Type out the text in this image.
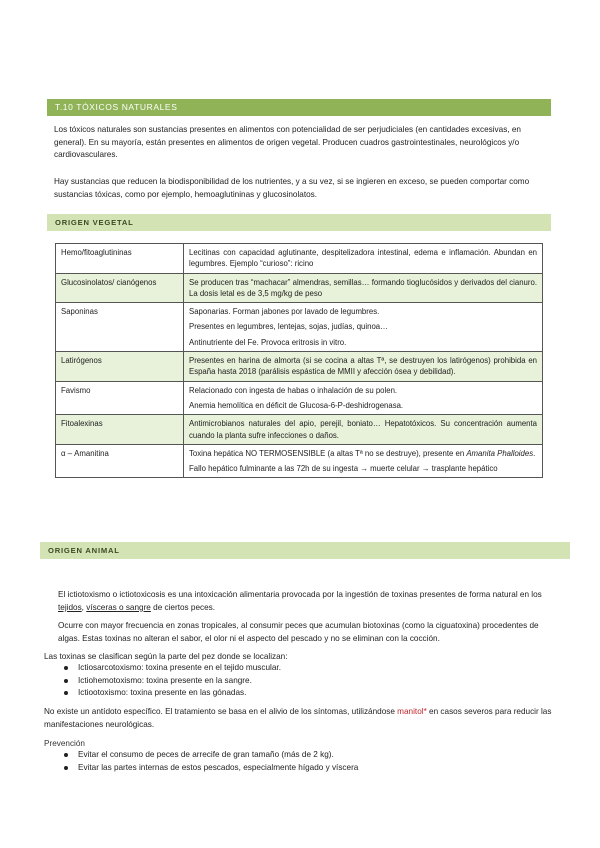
T.10 TÓXICOS NATURALES
Los tóxicos naturales son sustancias presentes en alimentos con potencialidad de ser perjudiciales (en cantidades excesivas, en general). En su mayoría, están presentes en alimentos de origen vegetal. Producen cuadros gastrointestinales, neurológicos y/o cardiovasculares.
Hay sustancias que reducen la biodisponibilidad de los nutrientes, y a su vez, si se ingieren en exceso, se pueden comportar como sustancias tóxicas, como por ejemplo, hemoaglutininas y glucosinolatos.
ORIGEN VEGETAL
Hemo/fitoaglutininas	Lecitinas con capacidad aglutinante, despitelizadora intestinal, edema e inflamación. Abundan en legumbres. Ejemplo “curioso”: ricino

Glucosinolatos/ cianógenos	Se producen tras “machacar” almendras, semillas… formando tioglucósidos y derivados del cianuro. La dosis letal es de 3,5 mg/kg de peso

Saponinas	Saponarias. Forman jabones por lavado de legumbres.
Presentes en legumbres, lentejas, sojas, judías, quinoa…
Antinutriente del Fe. Provoca eritrosis in vitro.

Latirógenos	Presentes en harina de almorta (si se cocina a altas Tª, se destruyen los latirógenos) prohibida en España hasta 2018 (parálisis espástica de MMII y afección ósea y debilidad).

Favismo	Relacionado con ingesta de habas o inhalación de su polen.
Anemia hemolítica en déficit de Glucosa-6-P-deshidrogenasa.

Fitoalexinas	Antimicrobianos naturales del apio, perejil, boniato… Hepatotóxicos. Su concentración aumenta cuando la planta sufre infecciones o daños.

α – Amanitina	Toxina hepática NO TERMOSENSIBLE (a altas Tª no se destruye), presente en Amanita Phalloides.
Fallo hepático fulminante a las 72h de su ingesta → muerte celular → trasplante hepático
ORIGEN ANIMAL
El ictiotoxismo o ictiotoxicosis es una intoxicación alimentaria provocada por la ingestión de toxinas presentes de forma natural en los tejidos, vísceras o sangre de ciertos peces.
Ocurre con mayor frecuencia en zonas tropicales, al consumir peces que acumulan biotoxinas (como la ciguatoxina) procedentes de algas. Estas toxinas no alteran el sabor, el olor ni el aspecto del pescado y no se eliminan con la cocción.
Las toxinas se clasifican según la parte del pez donde se localizan:
Ictiosarcotoxismo: toxina presente en el tejido muscular.
Ictiohemotoxismo: toxina presente en la sangre.
Ictiootoxismo: toxina presente en las gónadas.
No existe un antídoto específico. El tratamiento se basa en el alivio de los síntomas, utilizándose manitol* en casos severos para reducir las manifestaciones neurológicas.
Prevención
Evitar el consumo de peces de arrecife de gran tamaño (más de 2 kg).
Evitar las partes internas de estos pescados, especialmente hígado y víscera
